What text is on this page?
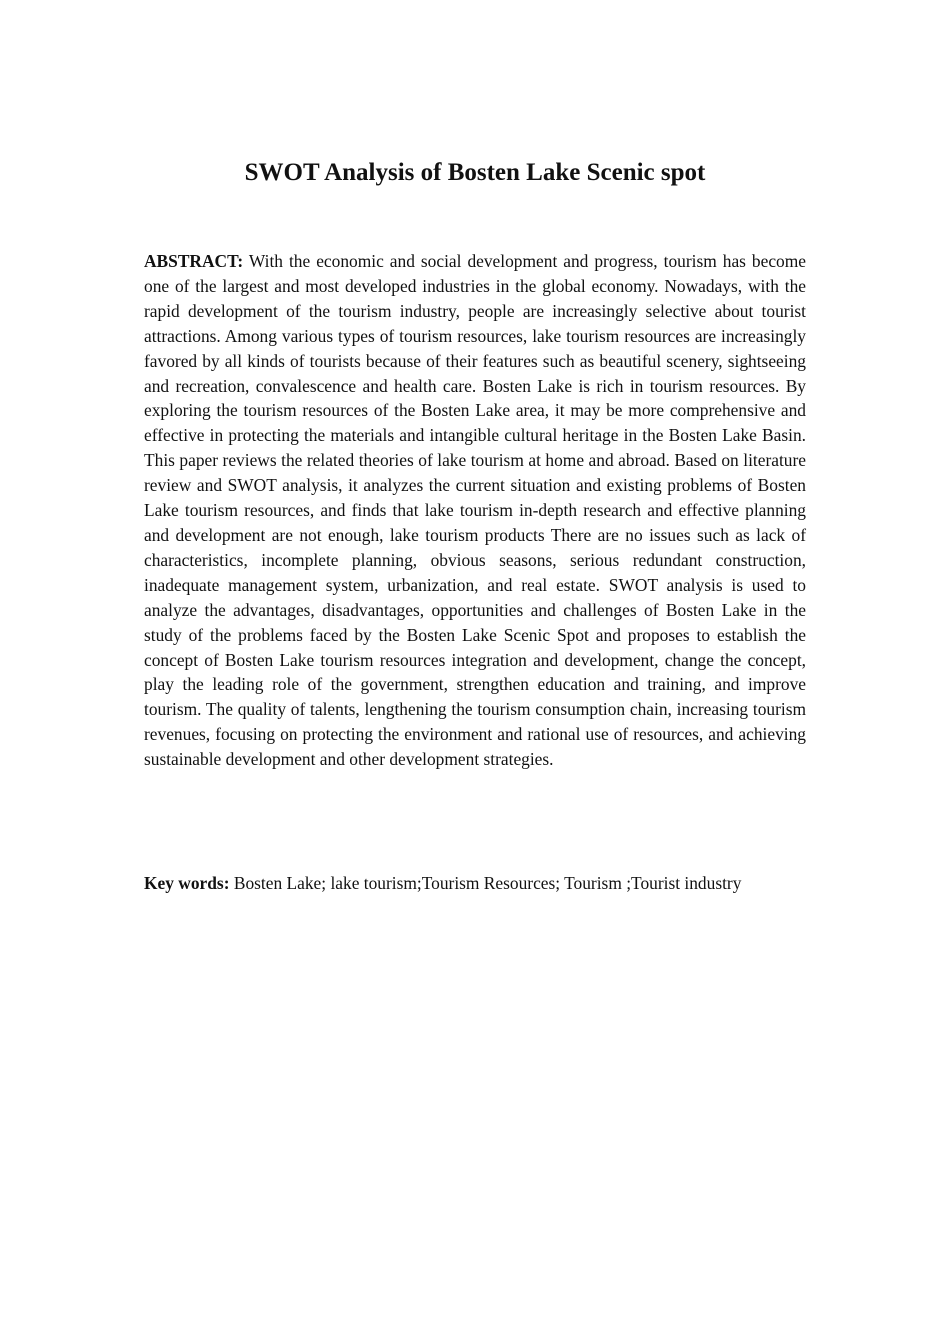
SWOT Analysis of Bosten Lake Scenic spot

ABSTRACT: With the economic and social development and progress, tourism has become one of the largest and most developed industries in the global economy. Nowadays, with the rapid development of the tourism industry, people are increasingly selective about tourist attractions. Among various types of tourism resources, lake tourism resources are increasingly favored by all kinds of tourists because of their features such as beautiful scenery, sightseeing and recreation, convalescence and health care. Bosten Lake is rich in tourism resources. By exploring the tourism resources of the Bosten Lake area, it may be more comprehensive and effective in protecting the materials and intangible cultural heritage in the Bosten Lake Basin. This paper reviews the related theories of lake tourism at home and abroad. Based on literature review and SWOT analysis, it analyzes the current situation and existing problems of Bosten Lake tourism resources, and finds that lake tourism in-depth research and effective planning and development are not enough, lake tourism products There are no issues such as lack of characteristics, incomplete planning, obvious seasons, serious redundant construction, inadequate management system, urbanization, and real estate. SWOT analysis is used to analyze the advantages, disadvantages, opportunities and challenges of Bosten Lake in the study of the problems faced by the Bosten Lake Scenic Spot and proposes to establish the concept of Bosten Lake tourism resources integration and development, change the concept, play the leading role of the government, strengthen education and training, and improve tourism. The quality of talents, lengthening the tourism consumption chain, increasing tourism revenues, focusing on protecting the environment and rational use of resources, and achieving sustainable development and other development strategies.

Key words: Bosten Lake; lake tourism;Tourism Resources; Tourism ;Tourist industry
